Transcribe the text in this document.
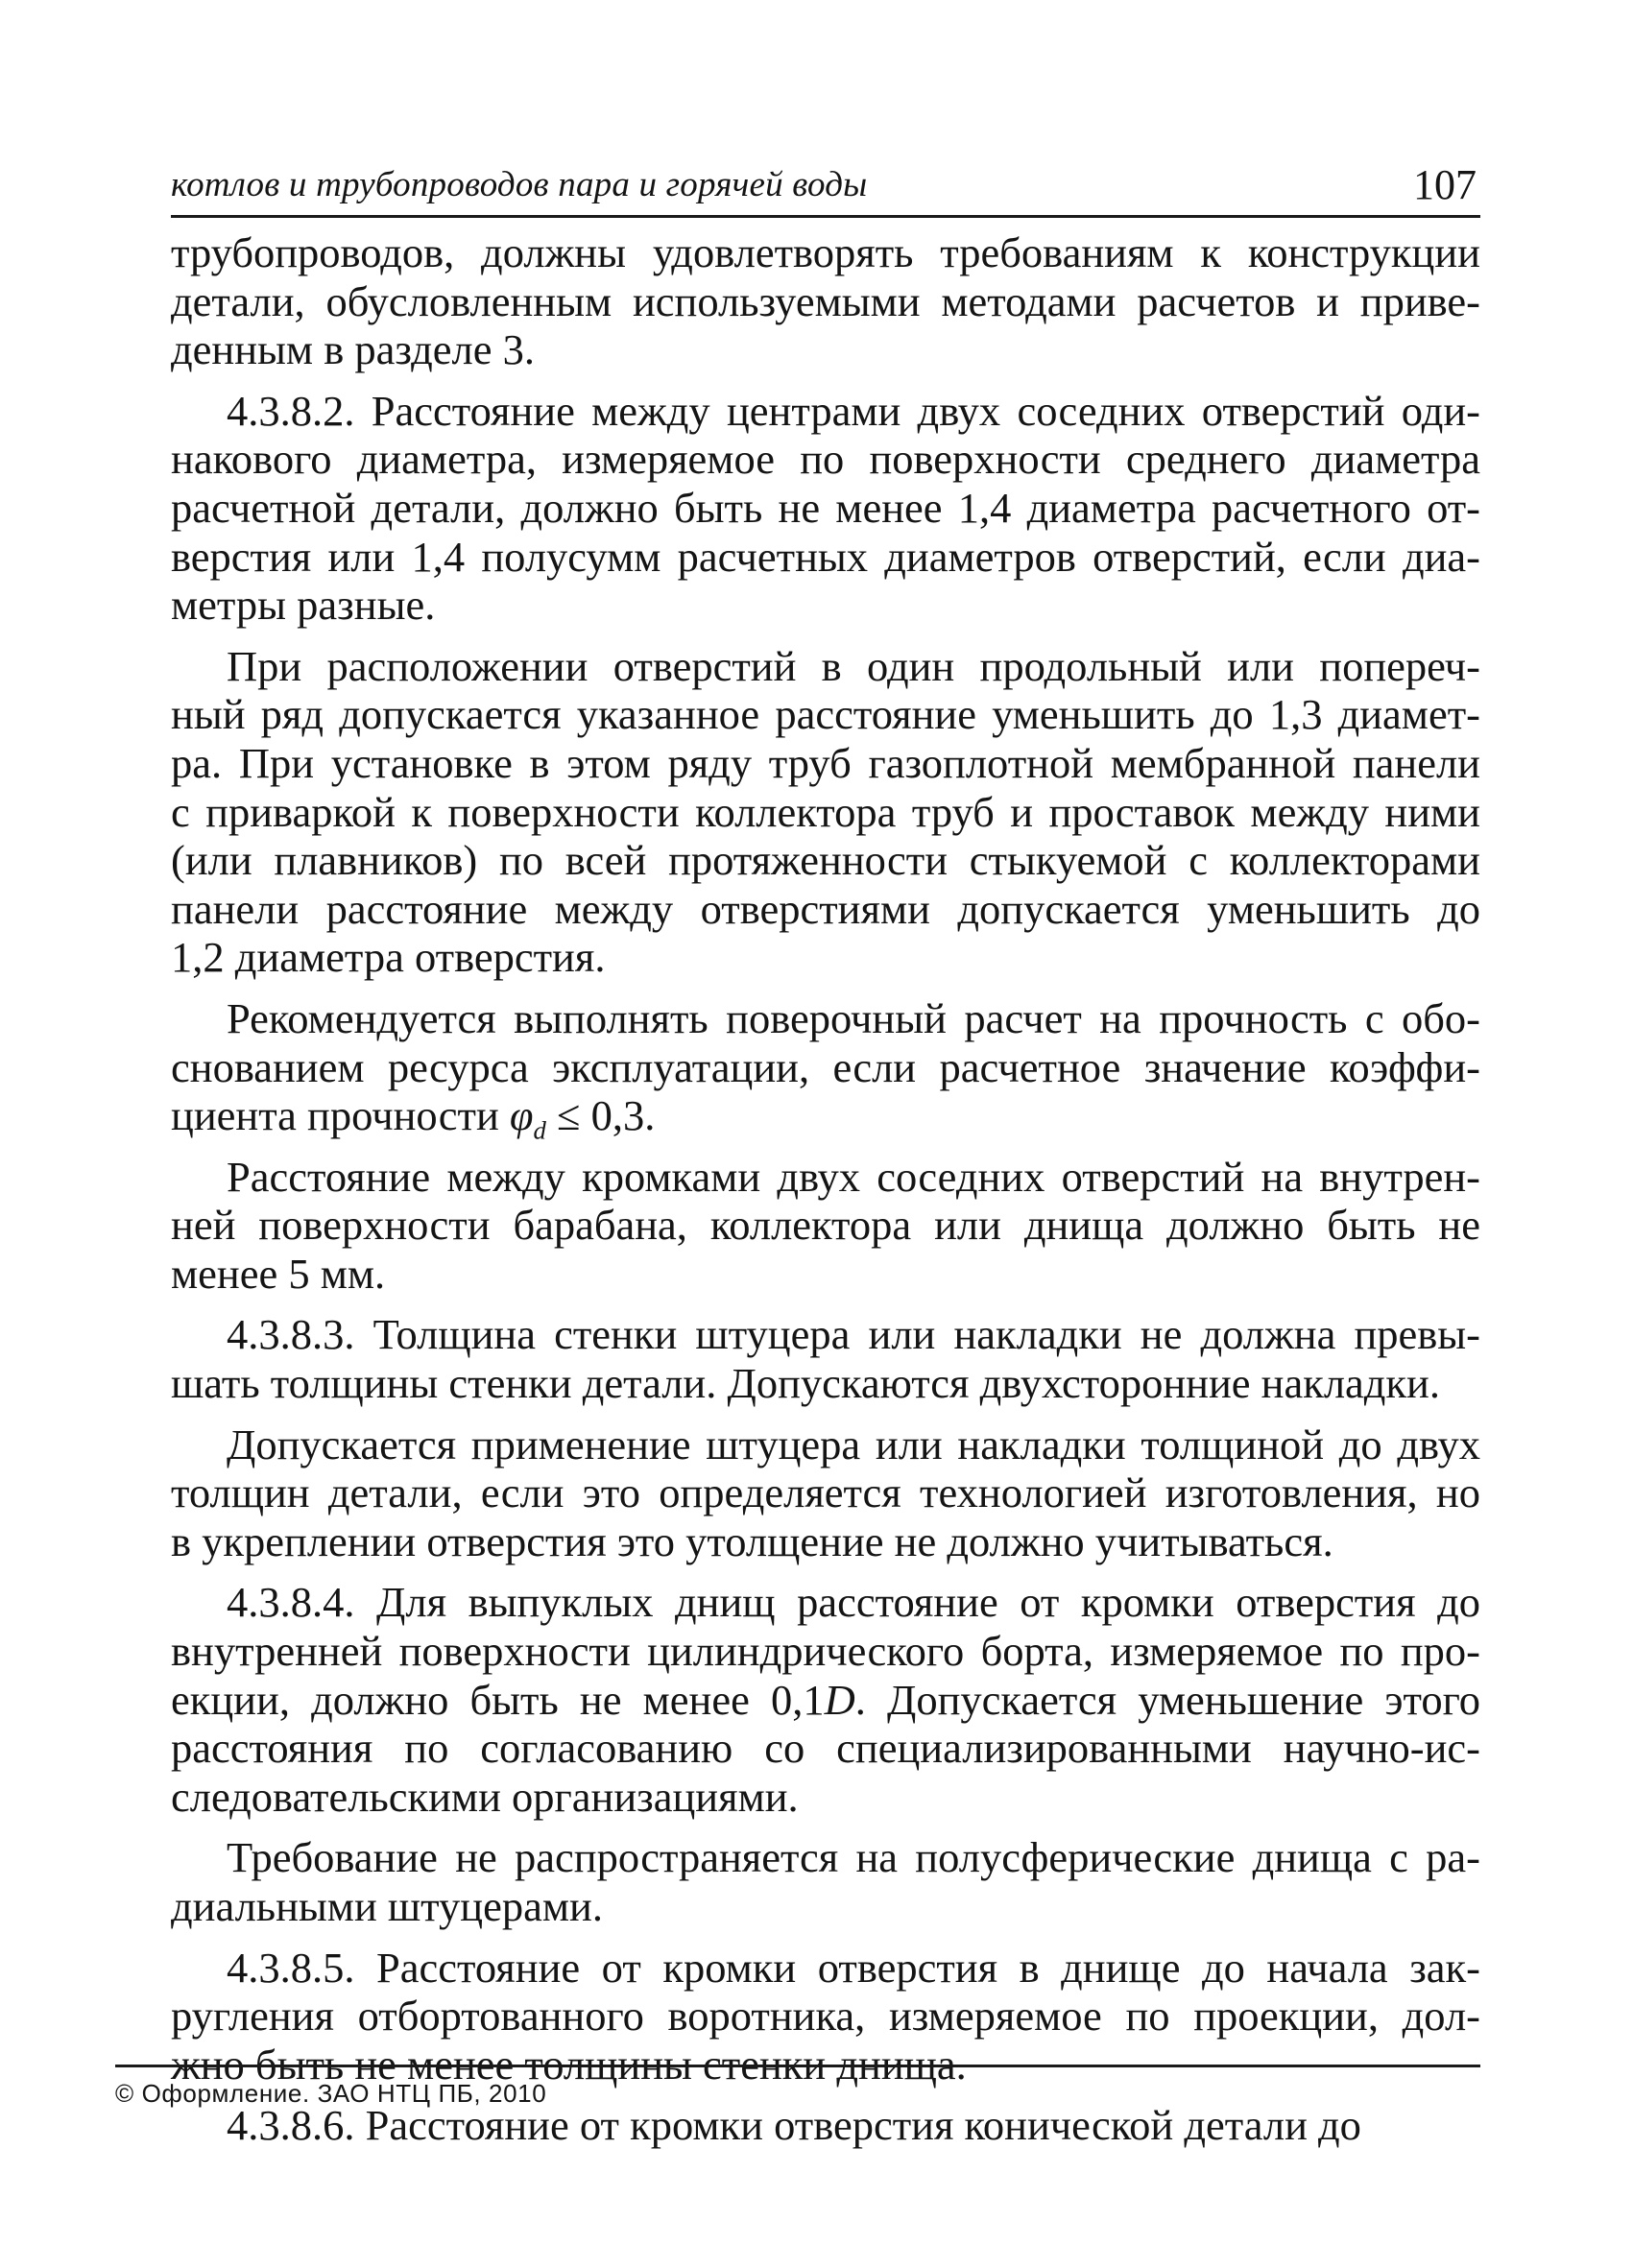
котлов и трубопроводов пара и горячей воды	107
трубопроводов, должны удовлетворять требованиям к конструкции
детали, обусловленным используемыми методами расчетов и приве-
денным в разделе 3.
4.3.8.2. Расстояние между центрами двух соседних отверстий оди-
накового диаметра, измеряемое по поверхности среднего диаметра
расчетной детали, должно быть не менее 1,4 диаметра расчетного от-
верстия или 1,4 полусумм расчетных диаметров отверстий, если диа-
метры разные.
При расположении отверстий в один продольный или попереч-
ный ряд допускается указанное расстояние уменьшить до 1,3 диамет-
ра. При установке в этом ряду труб газоплотной мембранной панели
с приваркой к поверхности коллектора труб и проставок между ними
(или плавников) по всей протяженности стыкуемой с коллекторами
панели расстояние между отверстиями допускается уменьшить до
1,2 диаметра отверстия.
Рекомендуется выполнять поверочный расчет на прочность с обо-
снованием ресурса эксплуатации, если расчетное значение коэффи-
циента прочности $\varphi_d \le 0,3$.
Расстояние между кромками двух соседних отверстий на внутрен-
ней поверхности барабана, коллектора или днища должно быть не
менее 5 мм.
4.3.8.3. Толщина стенки штуцера или накладки не должна превы-
шать толщины стенки детали. Допускаются двухсторонние накладки.
Допускается применение штуцера или накладки толщиной до двух
толщин детали, если это определяется технологией изготовления, но
в укреплении отверстия это утолщение не должно учитываться.
4.3.8.4. Для выпуклых днищ расстояние от кромки отверстия до
внутренней поверхности цилиндрического борта, измеряемое по про-
екции, должно быть не менее 0,1D. Допускается уменьшение этого
расстояния по согласованию со специализированными научно-ис-
следовательскими организациями.
Требование не распространяется на полусферические днища с ра-
диальными штуцерами.
4.3.8.5. Расстояние от кромки отверстия в днище до начала зак-
ругления отбортованного воротника, измеряемое по проекции, дол-
жно быть не менее толщины стенки днища.
4.3.8.6. Расстояние от кромки отверстия конической детали до
© Оформление. ЗАО НТЦ ПБ, 2010
